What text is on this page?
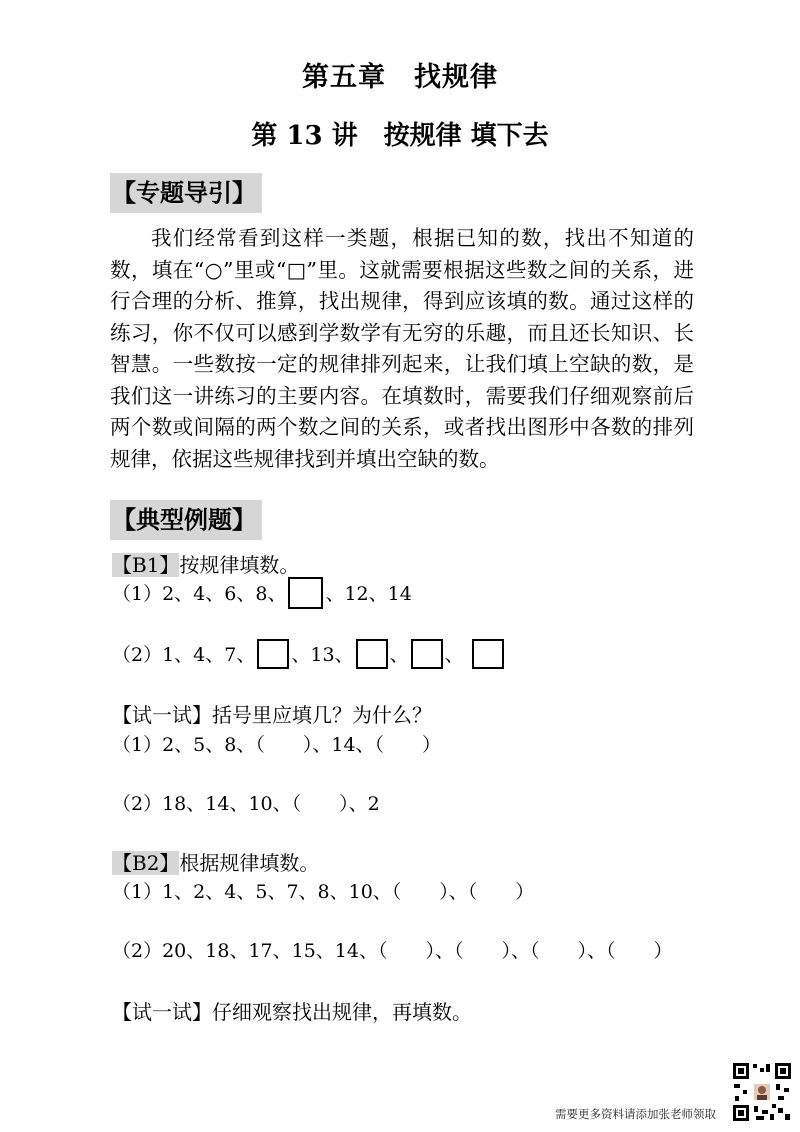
第五章　找规律
第 13 讲　按规律 填下去
【专题导引】
我们经常看到这样一类题，根据已知的数，找出不知道的数，填在“○”里或“□”里。这就需要根据这些数之间的关系，进行合理的分析、推算，找出规律，得到应该填的数。通过这样的练习，你不仅可以感到学数学有无穷的乐趣，而且还长知识、长智慧。一些数按一定的规律排列起来，让我们填上空缺的数，是我们这一讲练习的主要内容。在填数时，需要我们仔细观察前后两个数或间隔的两个数之间的关系，或者找出图形中各数的排列规律，依据这些规律找到并填出空缺的数。
【典型例题】
【B1】按规律填数。
（1）2、4、6、8、 、12、14
（2）1、4、7、 、13、 、 、
【试一试】括号里应填几？为什么？
（1）2、5、8、（　　）、14、（　　）
（2）18、14、10、（　　）、2
【B2】根据规律填数。
（1）1、2、4、5、7、8、10、（　　）、（　　）
（2）20、18、17、15、14、（　　）、（　　）、（　　）、（　　）
【试一试】仔细观察找出规律，再填数。
需要更多资料请添加张老师领取
